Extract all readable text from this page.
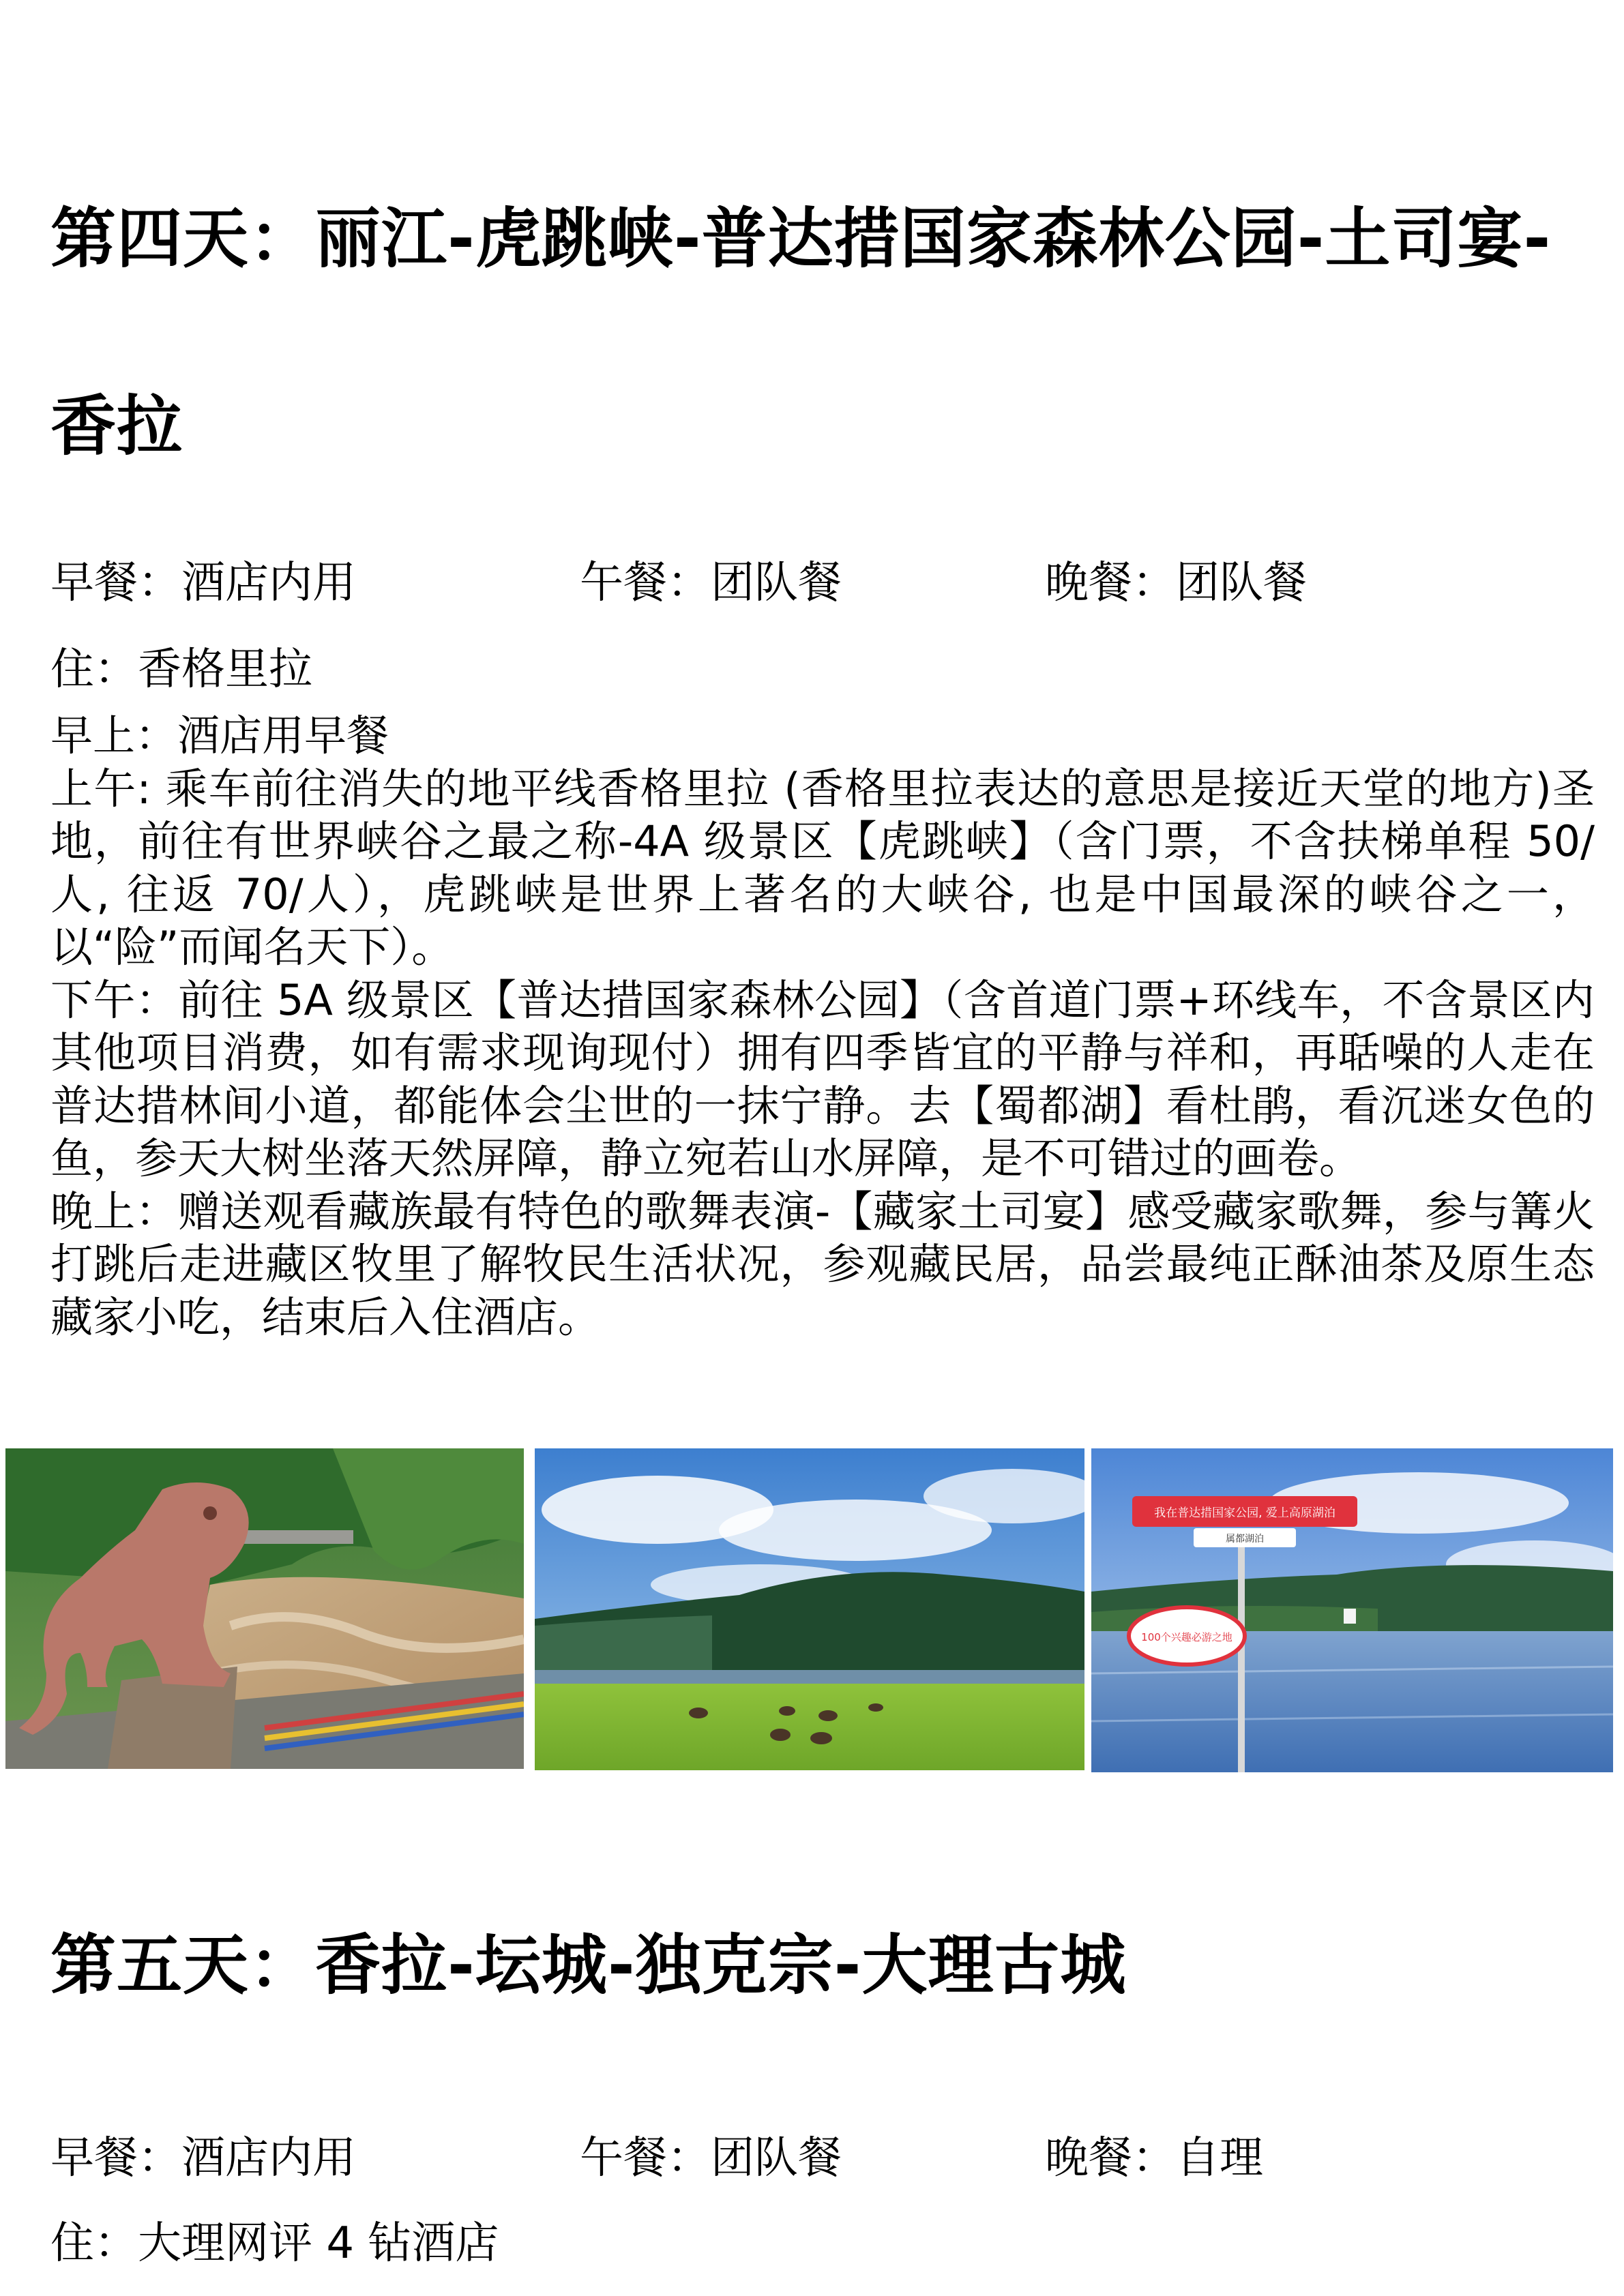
第四天：丽江-虎跳峡-普达措国家森林公园-土司宴-
香拉
早餐：酒店内用	午餐：团队餐	晚餐：团队餐
住：香格里拉

早上：酒店用早餐

上午: 乘车前往消失的地平线香格里拉 (香格里拉表达的意思是接近天堂的地方)圣地，前往有世界峡谷之最之称-4A 级景区【虎跳峡】（含门票，不含扶梯单程 50/人, 往返 70/人），虎跳峡是世界上著名的大峡谷, 也是中国最深的峡谷之一，以“险”而闻名天下）。

下午：前往 5A 级景区【普达措国家森林公园】（含首道门票+环线车，不含景区内其他项目消费，如有需求现询现付）拥有四季皆宜的平静与祥和，再聒噪的人走在普达措林间小道，都能体会尘世的一抹宁静。去【蜀都湖】看杜鹃，看沉迷女色的鱼，参天大树坐落天然屏障，静立宛若山水屏障，是不可错过的画卷。

晚上：赠送观看藏族最有特色的歌舞表演-【藏家土司宴】感受藏家歌舞，参与篝火打跳后走进藏区牧里了解牧民生活状况，参观藏民居，品尝最纯正酥油茶及原生态藏家小吃，结束后入住酒店。

我在普达措国家公园, 爱上高原湖泊
属都湖泊
100个兴趣必游之地
第五天：香拉-坛城-独克宗-大理古城
早餐：酒店内用	午餐：团队餐	晚餐：自理
住：大理网评 4 钻酒店
